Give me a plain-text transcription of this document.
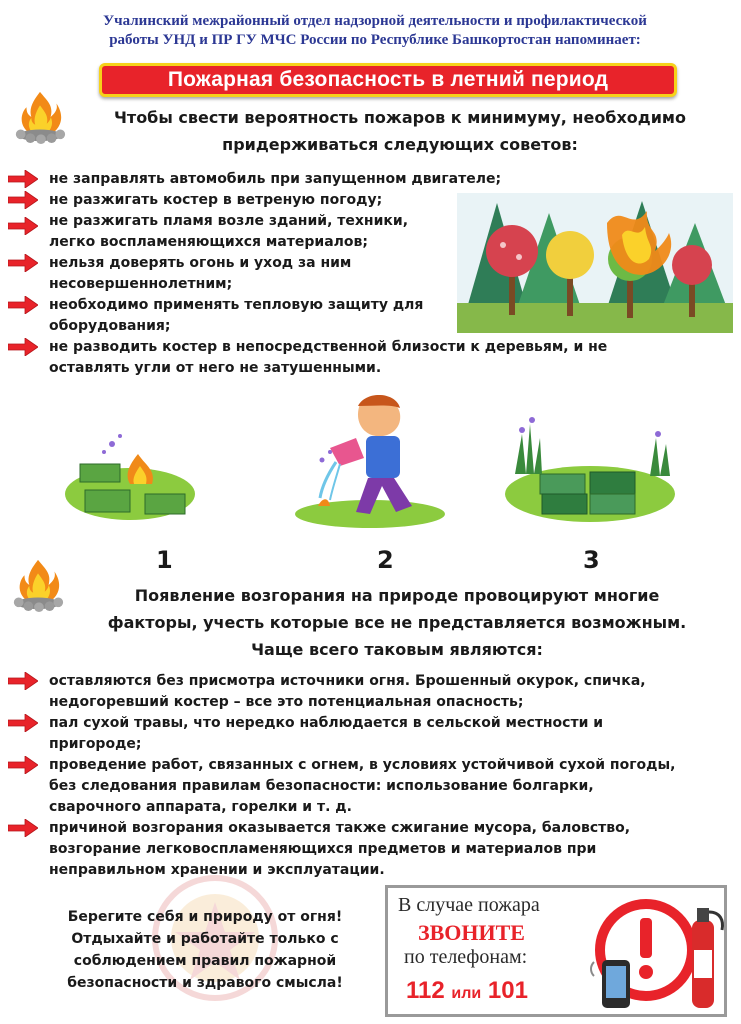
Учалинский межрайонный отдел надзорной деятельности и профилактической
работы УНД и ПР ГУ МЧС России по Республике Башкортостан напоминает:
Пожарная безопасность в летний период
Чтобы свести вероятность пожаров к минимуму, необходимо
придерживаться следующих советов:
не заправлять автомобиль при запущенном двигателе;
не разжигать костер в ветреную погоду;
не разжигать пламя возле зданий, техники,
легко воспламеняющихся материалов;
нельзя доверять огонь и уход за ним
несовершеннолетним;
необходимо применять тепловую защиту для
оборудования;
не разводить костер в непосредственной близости к деревьям, и не
оставлять угли от него не затушенными.
1	2	3
Появление возгорания на природе провоцируют многие
факторы, учесть которые все не представляется возможным.
Чаще всего таковым являются:
оставляются без присмотра источники огня. Брошенный окурок, спичка,
недогоревший костер – все это потенциальная опасность;
пал сухой травы, что нередко наблюдается в сельской местности и
пригороде;
проведение работ, связанных с огнем, в условиях устойчивой сухой погоды,
без следования правилам безопасности: использование болгарки,
сварочного аппарата, горелки и т. д.
причиной возгорания оказывается также сжигание мусора, баловство,
возгорание легковоспламеняющихся предметов и материалов при
неправильном хранении и эксплуатации.
Берегите себя и природу от огня!
Отдыхайте и работайте только с
соблюдением правил пожарной
безопасности и здравого смысла!
В случае пожара
ЗВОНИТЕ
по телефонам:
112 или 101
